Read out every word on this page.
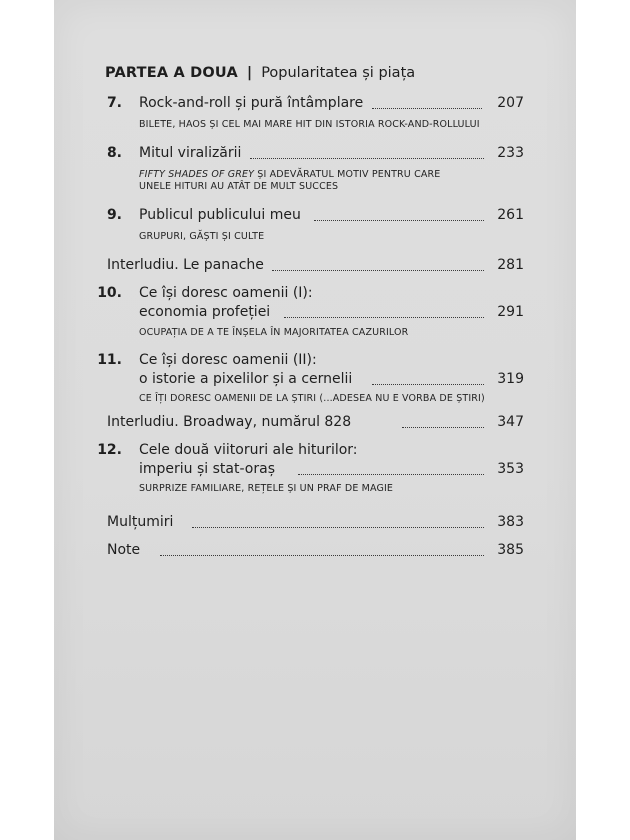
PARTEA A DOUA | Popularitatea și piața
7. Rock-and-roll și pură întâmplare	207
BILETE, HAOS ȘI CEL MAI MARE HIT DIN ISTORIA ROCK-AND-ROLLULUI
8. Mitul viralizării	233
FIFTY SHADES OF GREY ȘI ADEVĂRATUL MOTIV PENTRU CARE
UNELE HITURI AU ATÂT DE MULT SUCCES
9. Publicul publicului meu	261
GRUPURI, GĂȘTI ȘI CULTE
Interludiu. Le panache	281
10. Ce își doresc oamenii (I):
economia profeției	291
OCUPAȚIA DE A TE ÎNȘELA ÎN MAJORITATEA CAZURILOR
11. Ce își doresc oamenii (II):
o istorie a pixelilor și a cernelii	319
CE ÎȚI DORESC OAMENII DE LA ȘTIRI (...ADESEA NU E VORBA DE ȘTIRI)
Interludiu. Broadway, numărul 828	347
12. Cele două viitoruri ale hiturilor:
imperiu și stat-oraș	353
SURPRIZE FAMILIARE, REȚELE ȘI UN PRAF DE MAGIE
Mulțumiri	383
Note	385
